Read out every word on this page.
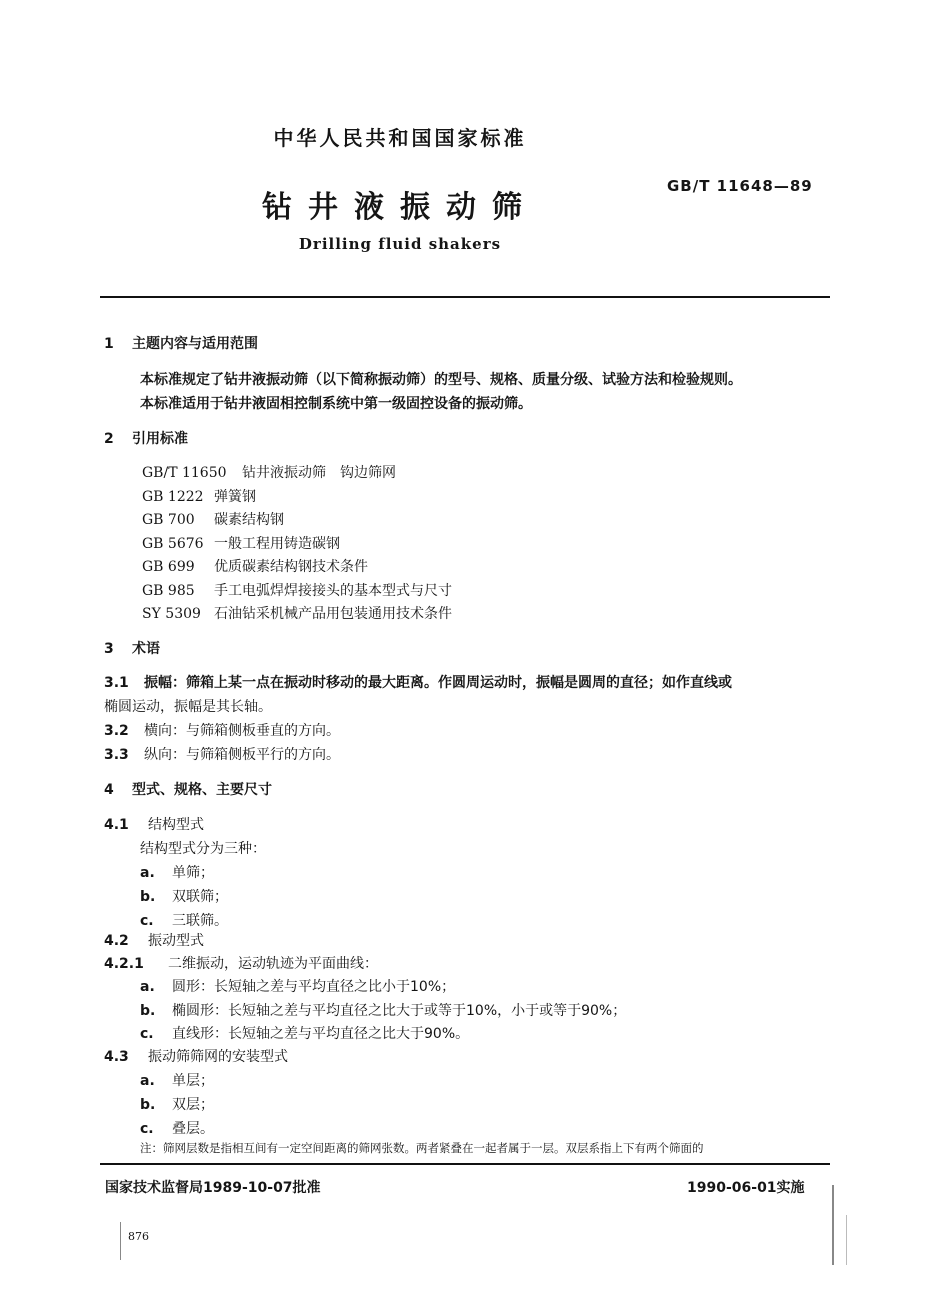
中华人民共和国国家标准
钻井液振动筛
GB/T 11648—89
Drilling fluid shakers
1 主题内容与适用范围
本标准规定了钻井液振动筛（以下简称振动筛）的型号、规格、质量分级、试验方法和检验规则。
本标准适用于钻井液固相控制系统中第一级固控设备的振动筛。
2 引用标准
GB/T 11650 钻井液振动筛　钩边筛网
GB 1222 弹簧钢
GB 700 碳素结构钢
GB 5676 一般工程用铸造碳钢
GB 699 优质碳素结构钢技术条件
GB 985 手工电弧焊焊接接头的基本型式与尺寸
SY 5309 石油钻采机械产品用包装通用技术条件
3 术语
3.1 振幅：筛箱上某一点在振动时移动的最大距离。作圆周运动时，振幅是圆周的直径；如作直线或
椭圆运动，振幅是其长轴。
3.2 横向：与筛箱侧板垂直的方向。
3.3 纵向：与筛箱侧板平行的方向。
4 型式、规格、主要尺寸
4.1 结构型式
结构型式分为三种：
a. 单筛；
b. 双联筛；
c. 三联筛。
4.2 振动型式
4.2.1 二维振动，运动轨迹为平面曲线：
a. 圆形：长短轴之差与平均直径之比小于10%；
b. 椭圆形：长短轴之差与平均直径之比大于或等于10%，小于或等于90%；
c. 直线形：长短轴之差与平均直径之比大于90%。
4.3 振动筛筛网的安装型式
a. 单层；
b. 双层；
c. 叠层。
注：筛网层数是指相互间有一定空间距离的筛网张数。两者紧叠在一起者属于一层。双层系指上下有两个筛面的
国家技术监督局1989-10-07批准	1990-06-01实施
876
